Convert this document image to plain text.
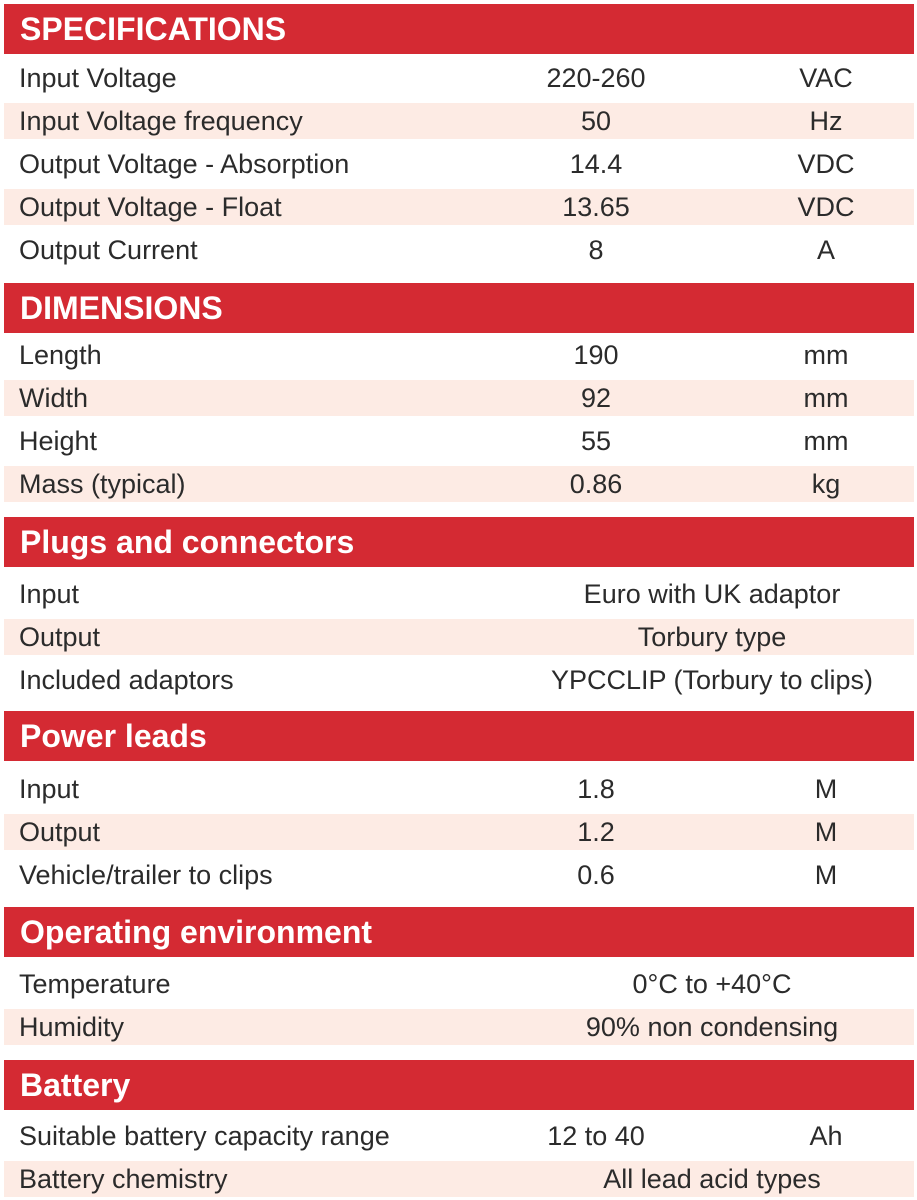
SPECIFICATIONS
Input Voltage	220-260	VAC
Input Voltage frequency	50	Hz
Output Voltage - Absorption	14.4	VDC
Output Voltage - Float	13.65	VDC
Output Current	8	A
DIMENSIONS
Length	190	mm
Width	92	mm
Height	55	mm
Mass (typical)	0.86	kg
Plugs and connectors
Input	Euro with UK adaptor
Output	Torbury type
Included adaptors	YPCCLIP (Torbury to clips)
Power leads
Input	1.8	M
Output	1.2	M
Vehicle/trailer to clips	0.6	M
Operating environment
Temperature	0°C to +40°C
Humidity	90% non condensing
Battery
Suitable battery capacity range	12 to 40	Ah
Battery chemistry	All lead acid types
